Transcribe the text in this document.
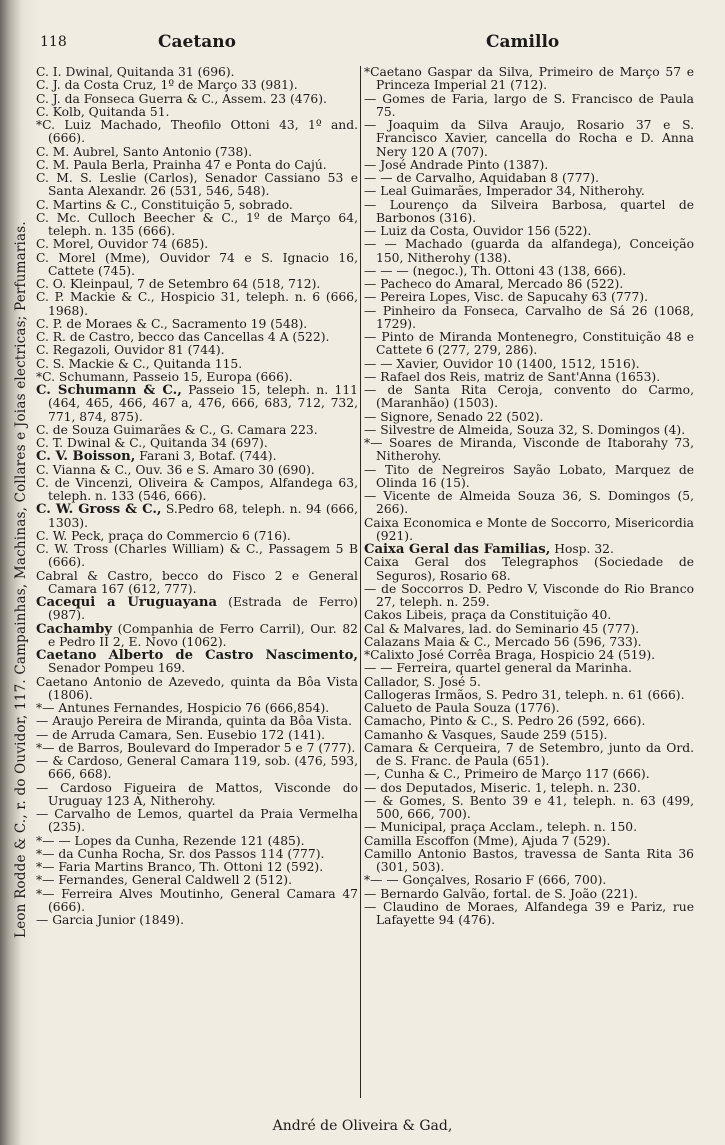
Leon Rodde & C., r. do Ouvidor, 117. Campainhas, Machinas, Collares e Joias electricas; Perfumarias.
118	Caetano	Camillo
C. I. Dwinal, Quitanda 31 (696).
C. J. da Costa Cruz, 1º de Março 33 (981).
C. J. da Fonseca Guerra & C., Assem. 23 (476).
C. Kolb, Quitanda 51.
*C. Luiz Machado, Theofilo Ottoni 43, 1º and. (666).
C. M. Aubrel, Santo Antonio (738).
C. M. Paula Berla, Prainha 47 e Ponta do Cajú.
C. M. S. Leslie (Carlos), Senador Cassiano 53 e Santa Alexandr. 26 (531, 546, 548).
C. Martins & C., Constituição 5, sobrado.
C. Mc. Culloch Beecher & C., 1º de Março 64, teleph. n. 135 (666).
C. Morel, Ouvidor 74 (685).
C. Morel (Mme), Ouvidor 74 e S. Ignacio 16, Cattete (745).
C. O. Kleinpaul, 7 de Setembro 64 (518, 712).
C. P. Mackie & C., Hospicio 31, teleph. n. 6 (666, 1968).
C. P. de Moraes & C., Sacramento 19 (548).
C. R. de Castro, becco das Cancellas 4 A (522).
C. Regazoli, Ouvidor 81 (744).
C. S. Mackie & C., Quitanda 115.
*C. Schumann, Passeio 15, Europa (666).
C. Schumann & C., Passeio 15, teleph. n. 111 (464, 465, 466, 467 a, 476, 666, 683, 712, 732, 771, 874, 875).
C. de Souza Guimarães & C., G. Camara 223.
C. T. Dwinal & C., Quitanda 34 (697).
C. V. Boisson, Farani 3, Botaf. (744).
C. Vianna & C., Ouv. 36 e S. Amaro 30 (690).
C. de Vincenzi, Oliveira & Campos, Alfandega 63, teleph. n. 133 (546, 666).
C. W. Gross & C., S.Pedro 68, teleph. n. 94 (666, 1303).
C. W. Peck, praça do Commercio 6 (716).
C. W. Tross (Charles William) & C., Passagem 5 B (666).
Cabral & Castro, becco do Fisco 2 e General Camara 167 (612, 777).
Cacequi a Uruguayana (Estrada de Ferro) (987).
Cachamby (Companhia de Ferro Carril), Our. 82 e Pedro II 2, E. Novo (1062).
Caetano Alberto de Castro Nascimento, Senador Pompeu 169.
Caetano Antonio de Azevedo, quinta da Bôa Vista (1806).
*— Antunes Fernandes, Hospicio 76 (666,854).
— Araujo Pereira de Miranda, quinta da Bôa Vista.
— de Arruda Camara, Sen. Eusebio 172 (141).
*— de Barros, Boulevard do Imperador 5 e 7 (777).
— & Cardoso, General Camara 119, sob. (476, 593, 666, 668).
— Cardoso Figueira de Mattos, Visconde do Uruguay 123 A, Nitherohy.
— Carvalho de Lemos, quartel da Praia Vermelha (235).
*— — Lopes da Cunha, Rezende 121 (485).
*— da Cunha Rocha, Sr. dos Passos 114 (777).
*— Faria Martins Branco, Th. Ottoni 12 (592).
*— Fernandes, General Caldwell 2 (512).
*— Ferreira Alves Moutinho, General Camara 47 (666).
— Garcia Junior (1849).
*Caetano Gaspar da Silva, Primeiro de Março 57 e Princeza Imperial 21 (712).
— Gomes de Faria, largo de S. Francisco de Paula 75.
— Joaquim da Silva Araujo, Rosario 37 e S. Francisco Xavier, cancella do Rocha e D. Anna Nery 120 A (707).
— José Andrade Pinto (1387).
— — de Carvalho, Aquidaban 8 (777).
— Leal Guimarães, Imperador 34, Nitherohy.
— Lourenço da Silveira Barbosa, quartel de Barbonos (316).
— Luiz da Costa, Ouvidor 156 (522).
— — Machado (guarda da alfandega), Conceição 150, Nitherohy (138).
— — — (negoc.), Th. Ottoni 43 (138, 666).
— Pacheco do Amaral, Mercado 86 (522).
— Pereira Lopes, Visc. de Sapucahy 63 (777).
— Pinheiro da Fonseca, Carvalho de Sá 26 (1068, 1729).
— Pinto de Miranda Montenegro, Constituição 48 e Cattete 6 (277, 279, 286).
— — Xavier, Ouvidor 10 (1400, 1512, 1516).
— Rafael dos Reis, matriz de Sant'Anna (1653).
— de Santa Rita Ceroja, convento do Carmo, (Maranhão) (1503).
— Signore, Senado 22 (502).
— Silvestre de Almeida, Souza 32, S. Domingos (4).
*— Soares de Miranda, Visconde de Itaborahy 73, Nitherohy.
— Tito de Negreiros Sayão Lobato, Marquez de Olinda 16 (15).
— Vicente de Almeida Souza 36, S. Domingos (5, 266).
Caixa Economica e Monte de Soccorro, Misericordia (921).
Caixa Geral das Familias, Hosp. 32.
Caixa Geral dos Telegraphos (Sociedade de Seguros), Rosario 68.
— de Soccorros D. Pedro V, Visconde do Rio Branco 27, teleph. n. 259.
Cakos Libeis, praça da Constituição 40.
Cal & Malvares, lad. do Seminario 45 (777).
Calazans Maia & C., Mercado 56 (596, 733).
*Calixto José Corrêa Braga, Hospicio 24 (519).
— — Ferreira, quartel general da Marinha.
Callador, S. José 5.
Callogeras Irmãos, S. Pedro 31, teleph. n. 61 (666).
Calueto de Paula Souza (1776).
Camacho, Pinto & C., S. Pedro 26 (592, 666).
Camanho & Vasques, Saude 259 (515).
Camara & Cerqueira, 7 de Setembro, junto da Ord. de S. Franc. de Paula (651).
—, Cunha & C., Primeiro de Março 117 (666).
— dos Deputados, Miseric. 1, teleph. n. 230.
— & Gomes, S. Bento 39 e 41, teleph. n. 63 (499, 500, 666, 700).
— Municipal, praça Acclam., teleph. n. 150.
Camilla Escoffon (Mme), Ajuda 7 (529).
Camillo Antonio Bastos, travessa de Santa Rita 36 (301, 503).
*— — Gonçalves, Rosario F (666, 700).
— Bernardo Galvão, fortal. de S. João (221).
— Claudino de Moraes, Alfandega 39 e Pariz, rue Lafayette 94 (476).
André de Oliveira & Gad,
